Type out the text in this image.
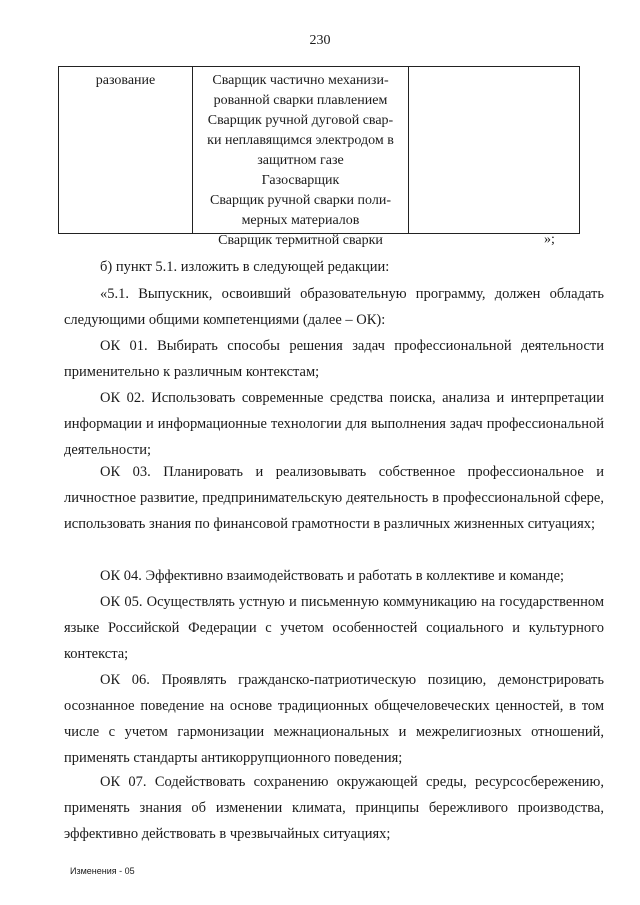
230
разование	Сварщик частично механизи-
рованной сварки плавлением
Сварщик ручной дуговой свар-
ки неплавящимся электродом в
защитном газе
Газосварщик
Сварщик ручной сварки поли-
мерных материалов
Сварщик термитной сварки	»;

б) пункт 5.1. изложить в следующей редакции:

«5.1. Выпускник, освоивший образовательную программу, должен обладать следующими общими компетенциями (далее – ОК):

ОК 01. Выбирать способы решения задач профессиональной деятельности применительно к различным контекстам;

ОК 02. Использовать современные средства поиска, анализа и интерпретации информации и информационные технологии для выполнения задач профессиональной деятельности;

ОК 03. Планировать и реализовывать собственное профессиональное и личностное развитие, предпринимательскую деятельность в профессиональной сфере, использовать знания по финансовой грамотности в различных жизненных ситуациях;

ОК 04. Эффективно взаимодействовать и работать в коллективе и команде;

ОК 05. Осуществлять устную и письменную коммуникацию на государственном языке Российской Федерации с учетом особенностей социального и культурного контекста;

ОК 06. Проявлять гражданско-патриотическую позицию, демонстрировать осознанное поведение на основе традиционных общечеловеческих ценностей, в том числе с учетом гармонизации межнациональных и межрелигиозных отношений, применять стандарты антикоррупционного поведения;

ОК 07. Содействовать сохранению окружающей среды, ресурсосбережению, применять знания об изменении климата, принципы бережливого производства, эффективно действовать в чрезвычайных ситуациях;

Изменения - 05
